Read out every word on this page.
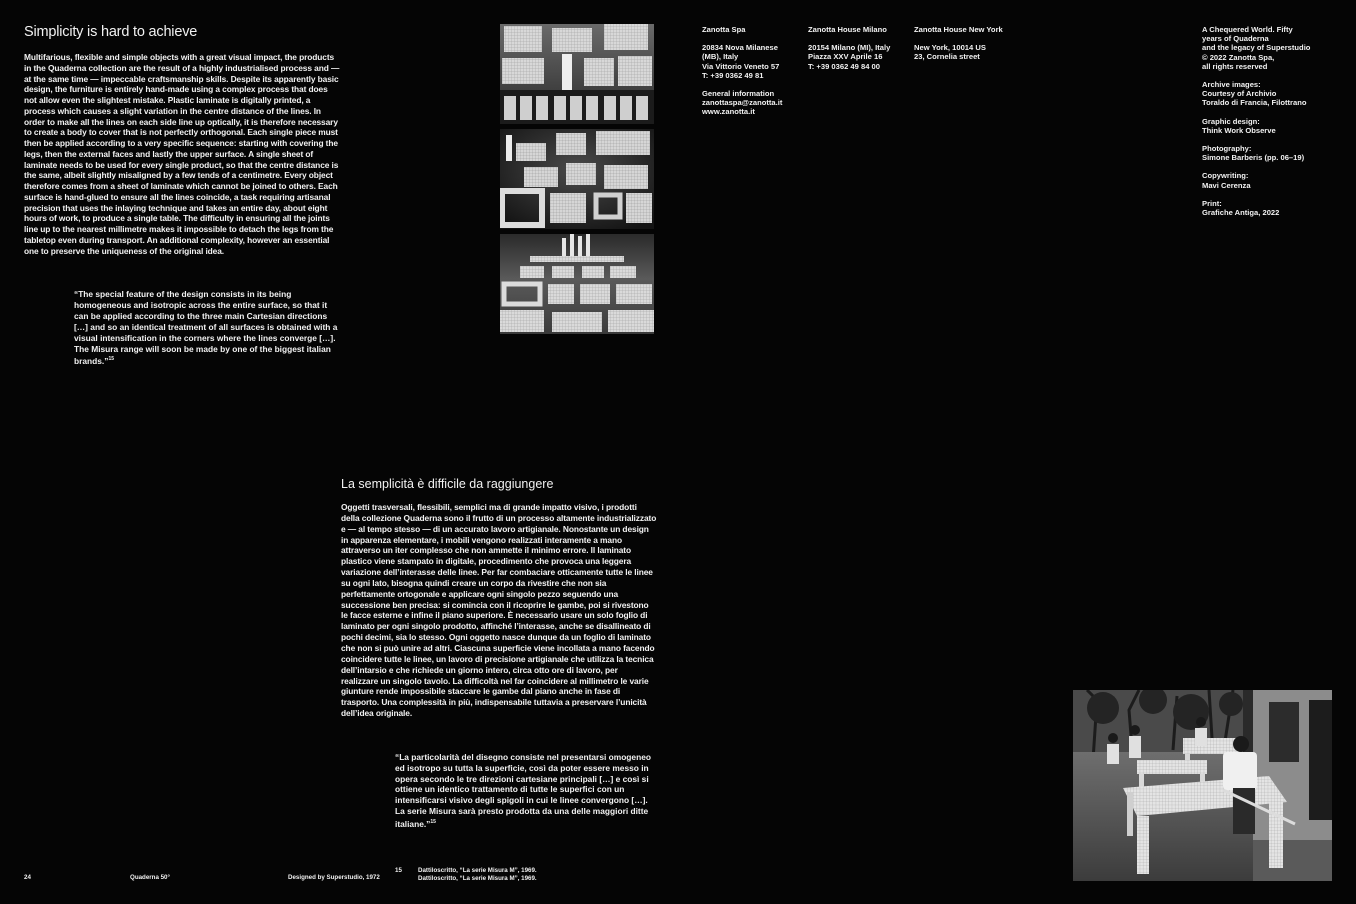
Simplicity is hard to achieve

Multifarious, flexible and simple objects with a great visual impact, the products in the Quaderna collection are the result of a highly industrialised process and — at the same time — impeccable craftsmanship skills. Despite its apparently basic design, the furniture is entirely hand-made using a complex process that does not allow even the slightest mistake. Plastic laminate is digitally printed, a process which causes a slight variation in the centre distance of the lines. In order to make all the lines on each side line up optically, it is therefore necessary to create a body to cover that is not perfectly orthogonal. Each single piece must then be applied according to a very specific sequence: starting with covering the legs, then the external faces and lastly the upper surface. A single sheet of laminate needs to be used for every single product, so that the centre distance is the same, albeit slightly misaligned by a few tends of a centimetre. Every object therefore comes from a sheet of laminate which cannot be joined to others. Each surface is hand-glued to ensure all the lines coincide, a task requiring artisanal precision that uses the inlaying technique and takes an entire day, about eight hours of work, to produce a single table. The difficulty in ensuring all the joints line up to the nearest millimetre makes it impossible to detach the legs from the tabletop even during transport. An additional complexity, however an essential one to preserve the uniqueness of the original idea.

“The special feature of the design consists in its being homogeneous and isotropic across the entire surface, so that it can be applied according to the three main Cartesian directions […] and so an identical treatment of all surfaces is obtained with a visual intensification in the corners where the lines converge […]. The Misura range will soon be made by one of the biggest italian brands.”$^{15}$

Zanotta Spa

20834 Nova Milanese

(MB), Italy

Via Vittorio Veneto 57

T: +39 0362 49 81

General information

zanottaspa@zanotta.it

www.zanotta.it

Zanotta House Milano

20154 Milano (MI), Italy

Piazza XXV Aprile 16

T: +39 0362 49 84 00

Zanotta House New York

New York, 10014 US

23, Cornelia street

A Chequered World. Fifty

years of Quaderna

and the legacy of Superstudio

© 2022 Zanotta Spa,

all rights reserved

Archive images:

Courtesy of Archivio

Toraldo di Francia, Filottrano

Graphic design:

Think Work Observe

Photography:

Simone Barberis (pp. 06–19)

Copywriting:

Mavi Cerenza

Print:

Grafiche Antiga, 2022

La semplicità è difficile da raggiungere

Oggetti trasversali, flessibili, semplici ma di grande impatto visivo, i prodotti della collezione Quaderna sono il frutto di un processo altamente industrializzato e — al tempo stesso — di un accurato lavoro artigianale. Nonostante un design in apparenza elementare, i mobili vengono realizzati interamente a mano attraverso un iter complesso che non ammette il minimo errore. Il laminato plastico viene stampato in digitale, procedimento che provoca una leggera variazione dell’interasse delle linee. Per far combaciare otticamente tutte le linee su ogni lato, bisogna quindi creare un corpo da rivestire che non sia perfettamente ortogonale e applicare ogni singolo pezzo seguendo una successione ben precisa: si comincia con il ricoprire le gambe, poi si rivestono le facce esterne e infine il piano superiore. È necessario usare un solo foglio di laminato per ogni singolo prodotto, affinché l’interasse, anche se disallineato di pochi decimi, sia lo stesso. Ogni oggetto nasce dunque da un foglio di laminato che non si può unire ad altri. Ciascuna superficie viene incollata a mano facendo coincidere tutte le linee, un lavoro di precisione artigianale che utilizza la tecnica dell’intarsio e che richiede un giorno intero, circa otto ore di lavoro, per realizzare un singolo tavolo. La difficoltà nel far coincidere al millimetro le varie giunture rende impossibile staccare le gambe dal piano anche in fase di trasporto. Una complessità in più, indispensabile tuttavia a preservare l’unicità dell’idea originale.

“La particolarità del disegno consiste nel presentarsi omogeneo ed isotropo su tutta la superficie, così da poter essere messo in opera secondo le tre direzioni cartesiane principali […] e così si ottiene un identico trattamento di tutte le superfici con un intensificarsi visivo degli spigoli in cui le linee convergono […]. La serie Misura sarà presto prodotta da una delle maggiori ditte italiane.”$^{15}$

24	Quaderna 50°	Designed by Superstudio, 1972
15	Dattiloscritto, “La serie Misura M”, 1969.
Dattiloscritto, “La serie Misura M”, 1969.
